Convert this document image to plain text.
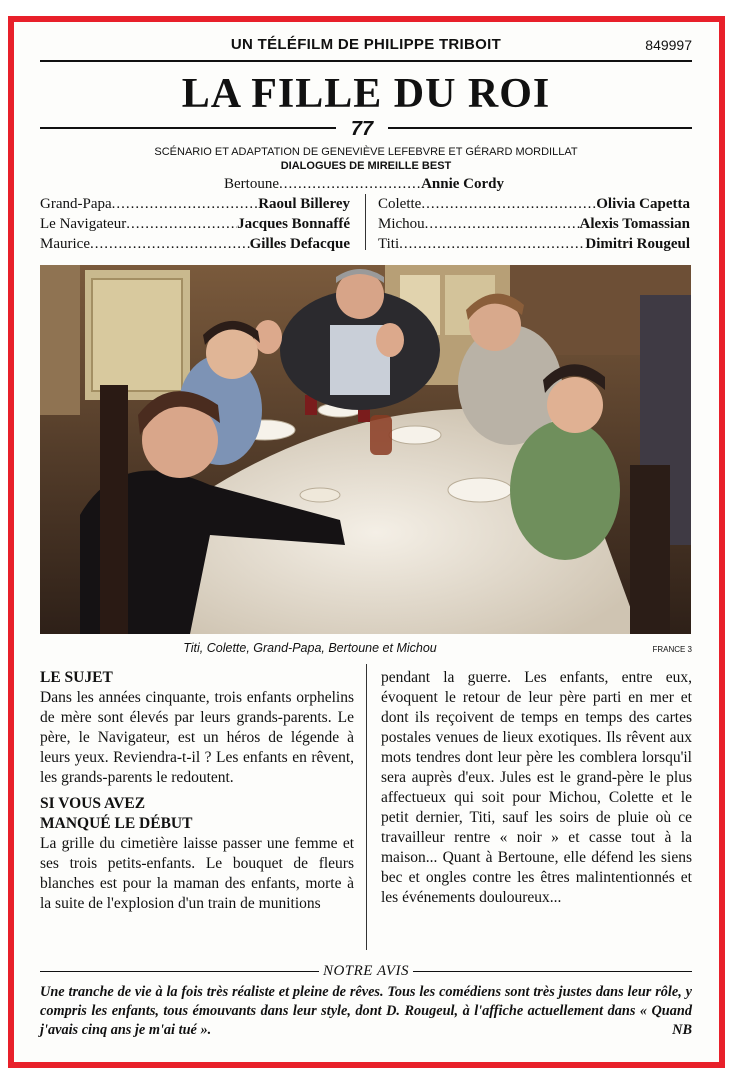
UN TÉLÉFILM DE PHILIPPE TRIBOIT	849997
LA FILLE DU ROI
77
SCÉNARIO ET ADAPTATION DE GENEVIÈVE LEFEBVRE ET GÉRARD MORDILLAT
DIALOGUES DE MIREILLE BEST
Bertoune .....	Annie Cordy
Grand-Papa .....	Raoul Billerey
Le Navigateur .....	Jacques Bonnaffé
Maurice .....	Gilles Defacque
Colette .....	Olivia Capetta
Michou .....	Alexis Tomassian
Titi .....	Dimitri Rougeul
Titi, Colette, Grand-Papa, Bertoune et Michou	FRANCE 3
LE SUJET

Dans les années cinquante, trois enfants orphelins de mère sont élevés par leurs grands-parents. Le père, le Navigateur, est un héros de légende à leurs yeux. Reviendra-t-il ? Les enfants en rêvent, les grands-parents le redoutent.

SI VOUS AVEZ
MANQUÉ LE DÉBUT

La grille du cimetière laisse passer une femme et ses trois petits-enfants. Le bouquet de fleurs blanches est pour la maman des enfants, morte à la suite de l'explosion d'un train de munitions

pendant la guerre. Les enfants, entre eux, évoquent le retour de leur père parti en mer et dont ils reçoivent de temps en temps des cartes postales venues de lieux exotiques. Ils rêvent aux mots tendres dont leur père les comblera lorsqu'il sera auprès d'eux. Jules est le grand-père le plus affectueux qui soit pour Michou, Colette et le petit dernier, Titi, sauf les soirs de pluie où ce travailleur rentre « noir » et casse tout à la maison... Quant à Bertoune, elle défend les siens bec et ongles contre les êtres malintentionnés et les événements douloureux...

NOTRE AVIS
Une tranche de vie à la fois très réaliste et pleine de rêves. Tous les comédiens sont très justes dans leur rôle, y compris les enfants, tous émouvants dans leur style, dont D. Rougeul, à l'affiche actuellement dans « Quand j'avais cinq ans je m'ai tué ».	NB
